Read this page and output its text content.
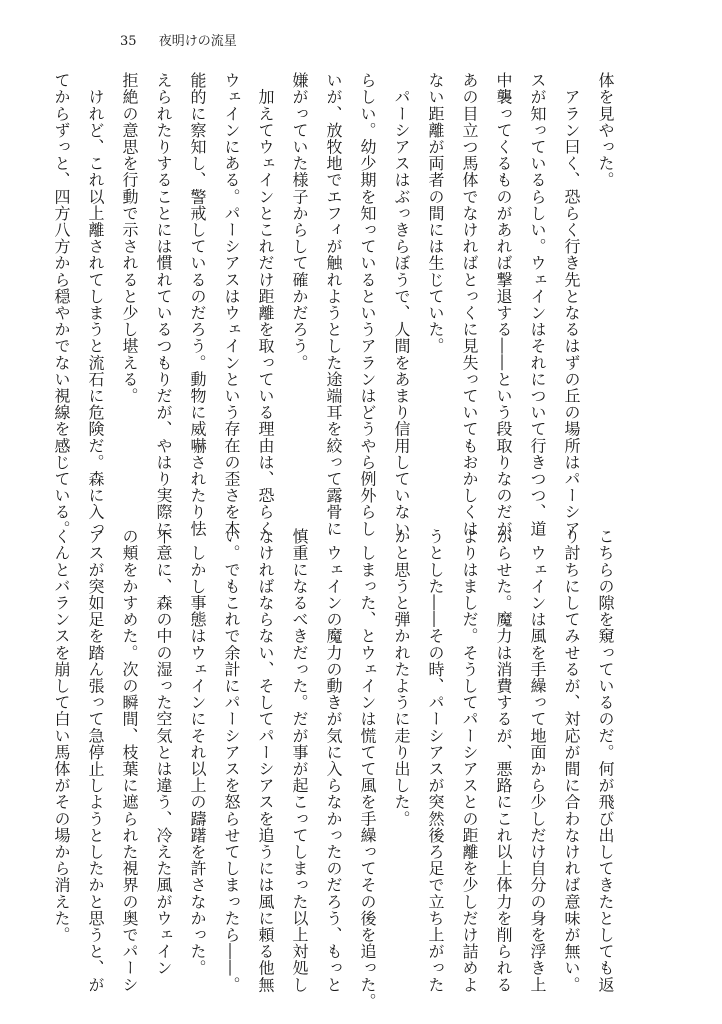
35 夜明けの流星
体を見やった。
　アラン曰く、恐らく行き先となるはずの丘の場所はパーシア
スが知っているらしい。ウェインはそれについて行きつつ、道
中襲ってくるものがあれば撃退する――という段取りなのだが、
あの目立つ馬体でなければとっくに見失っていてもおかしくは
ない距離が両者の間には生じていた。
　パーシアスはぶっきらぼうで、人間をあまり信用していない
らしい。幼少期を知っているというアランはどうやら例外らし
いが、放牧地でエフィが触れようとした途端耳を絞って露骨に
嫌がっていた様子からして確かだろう。
　加えてウェインとこれだけ距離を取っている理由は、恐らく
ウェインにある。パーシアスはウェインという存在の歪さを本
能的に察知し、警戒しているのだろう。動物に威嚇されたり怯
えられたりすることには慣れているつもりだが、やはり実際に
拒絶の意思を行動で示されると少し堪える。
　けれど、これ以上離されてしまうと流石に危険だ。森に入っ
てからずっと、四方八方から穏やかでない視線を感じている。
こちらの隙を窺っているのだ。何が飛び出してきたとしても返
り討ちにしてみせるが、対応が間に合わなければ意味が無い。
　ウェインは風を手繰って地面から少しだけ自分の身を浮き上
がらせた。魔力は消費するが、悪路にこれ以上体力を削られる
よりはましだ。そうしてパーシアスとの距離を少しだけ詰めよ
うとした――その時、パーシアスが突然後ろ足で立ち上がった
かと思うと弾かれたように走り出した。
　しまった、とウェインは慌てて風を手繰ってその後を追った。
　ウェインの魔力の動きが気に入らなかったのだろう、もっと
慎重になるべきだった。だが事が起こってしまった以上対処し
なければならない、そしてパーシアスを追うには風に頼る他無
い。でもこれで余計にパーシアスを怒らせてしまったら――。
　しかし事態はウェインにそれ以上の躊躇を許さなかった。
不意に、森の中の湿った空気とは違う、冷えた風がウェイン
の頬をかすめた。次の瞬間、枝葉に遮られた視界の奥でパーシ
アスが突如足を踏ん張って急停止しようとしたかと思うと、が
くんとバランスを崩して白い馬体がその場から消えた。
